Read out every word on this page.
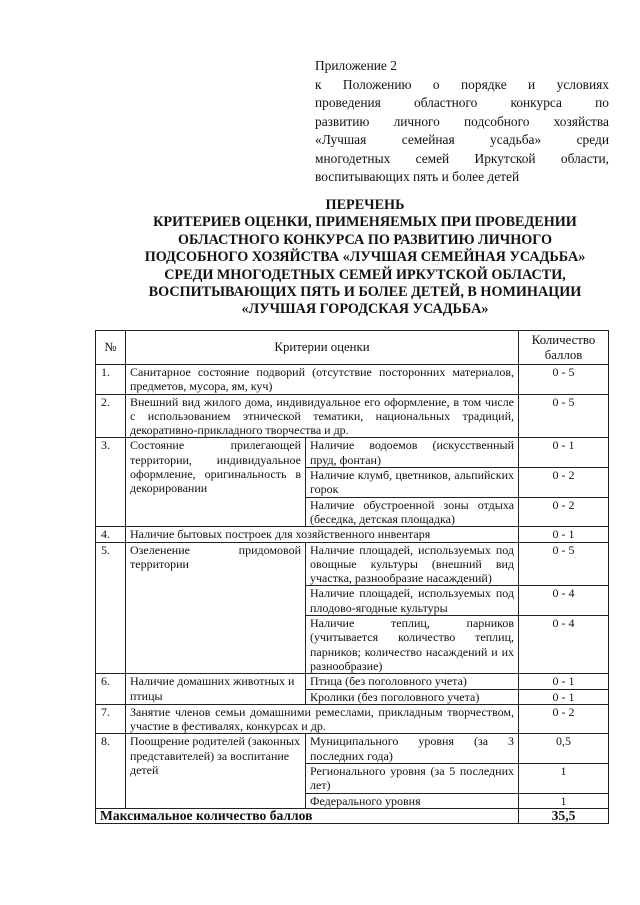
Приложение 2
к Положению о порядке и условиях
проведения областного конкурса по
развитию личного подсобного хозяйства
«Лучшая семейная усадьба» среди
многодетных семей Иркутской области,
воспитывающих пять и более детей
ПЕРЕЧЕНЬ
КРИТЕРИЕВ ОЦЕНКИ, ПРИМЕНЯЕМЫХ ПРИ ПРОВЕДЕНИИ
ОБЛАСТНОГО КОНКУРСА ПО РАЗВИТИЮ ЛИЧНОГО
ПОДСОБНОГО ХОЗЯЙСТВА «ЛУЧШАЯ СЕМЕЙНАЯ УСАДЬБА»
СРЕДИ МНОГОДЕТНЫХ СЕМЕЙ ИРКУТСКОЙ ОБЛАСТИ,
ВОСПИТЫВАЮЩИХ ПЯТЬ И БОЛЕЕ ДЕТЕЙ, В НОМИНАЦИИ
«ЛУЧШАЯ ГОРОДСКАЯ УСАДЬБА»
№	Критерии оценки		Количество баллов
1.	Санитарное состояние подворий (отсутствие посторонних материалов, предметов, мусора, ям, куч)		0 - 5
2.	Внешний вид жилого дома, индивидуальное его оформление, в том числе с использованием этнической тематики, национальных традиций, декоративно-прикладного творчества и др.		0 - 5
3.	Состояние прилегающей территории, индивидуальное оформление, оригинальность в декорировании	Наличие водоемов (искусственный пруд, фонтан)	0 - 1
		Наличие клумб, цветников, альпийских горок	0 - 2
		Наличие обустроенной зоны отдыха (беседка, детская площадка)	0 - 2
4.	Наличие бытовых построек для хозяйственного инвентаря		0 - 1
5.	Озеленение придомовой территории	Наличие площадей, используемых под овощные культуры (внешний вид участка, разнообразие насаждений)	0 - 5
		Наличие площадей, используемых под плодово-ягодные культуры	0 - 4
		Наличие теплиц, парников (учитывается количество теплиц, парников; количество насаждений и их разнообразие)	0 - 4
6.	Наличие домашних животных и птицы	Птица (без поголовного учета)	0 - 1
		Кролики (без поголовного учета)	0 - 1
7.	Занятие членов семьи домашними ремеслами, прикладным творчеством, участие в фестивалях, конкурсах и др.		0 - 2
8.	Поощрение родителей (законных представителей) за воспитание детей	Муниципального уровня (за 3 последних года)	0,5
		Регионального уровня (за 5 последних лет)	1
		Федерального уровня	1
Максимальное количество баллов			35,5
